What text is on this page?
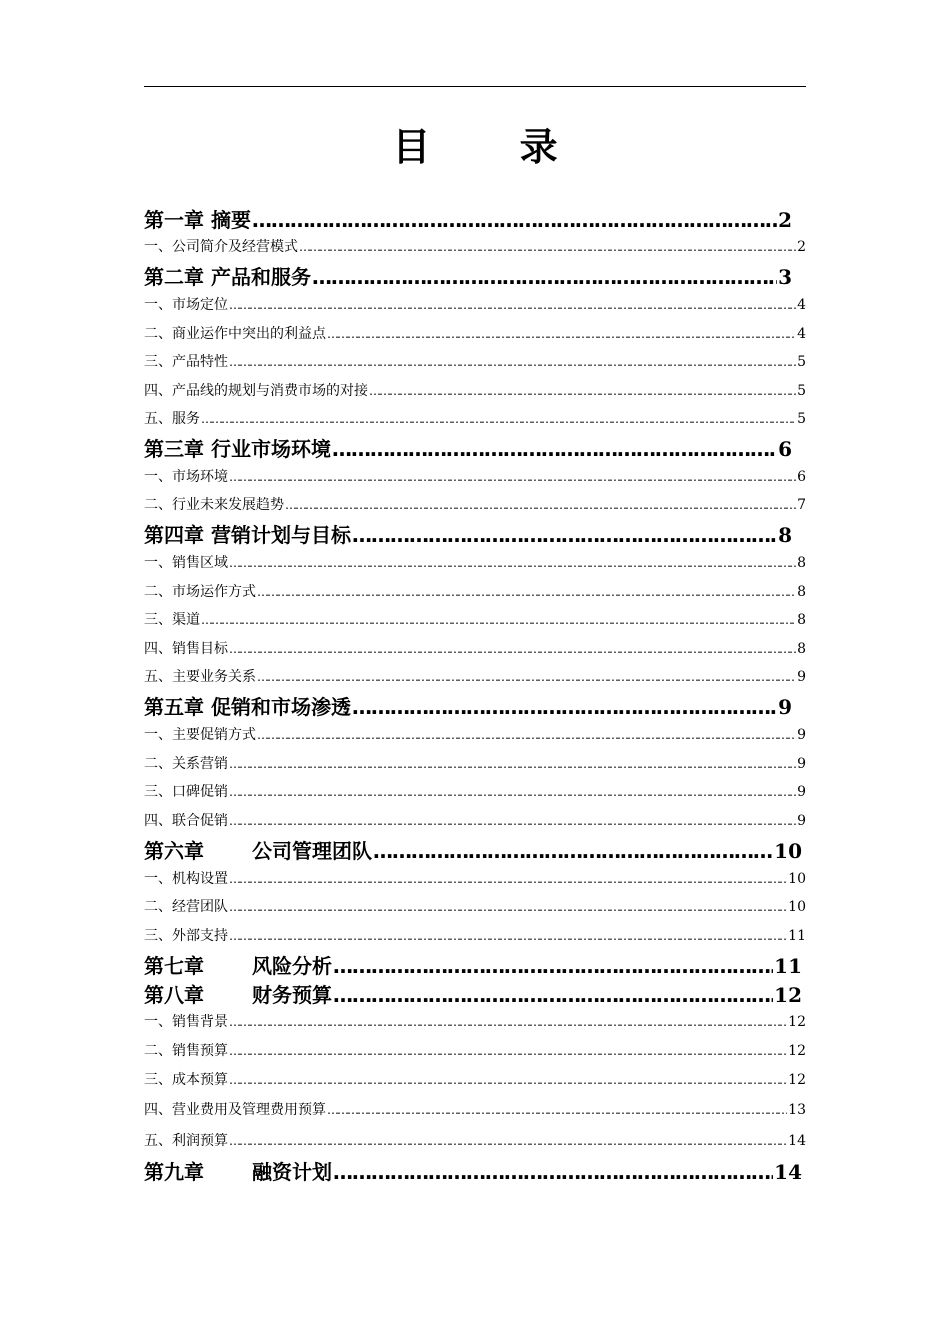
目 录
第一章 摘要 ………………………………………………………………………………………………………………………………………………………………………………………………………………………	2
一、公司简介及经营模式 ………………………………………………………………………………………………………………………………………………………………………………………………………………………	2
第二章 产品和服务 ………………………………………………………………………………………………………………………………………………………………………………………………………………………	3
一、市场定位 ………………………………………………………………………………………………………………………………………………………………………………………………………………………	4
二、商业运作中突出的利益点 ………………………………………………………………………………………………………………………………………………………………………………………………………………………	4
三、产品特性 ………………………………………………………………………………………………………………………………………………………………………………………………………………………	5
四、产品线的规划与消费市场的对接 ………………………………………………………………………………………………………………………………………………………………………………………………………………………	5
五、服务 ………………………………………………………………………………………………………………………………………………………………………………………………………………………	5
第三章 行业市场环境 ………………………………………………………………………………………………………………………………………………………………………………………………………………………	6
一、市场环境 ………………………………………………………………………………………………………………………………………………………………………………………………………………………	6
二、行业未来发展趋势 ………………………………………………………………………………………………………………………………………………………………………………………………………………………	7
第四章 营销计划与目标 ………………………………………………………………………………………………………………………………………………………………………………………………………………………	8
一、销售区域 ………………………………………………………………………………………………………………………………………………………………………………………………………………………	8
二、市场运作方式 ………………………………………………………………………………………………………………………………………………………………………………………………………………………	8
三、渠道 ………………………………………………………………………………………………………………………………………………………………………………………………………………………	8
四、销售目标 ………………………………………………………………………………………………………………………………………………………………………………………………………………………	8
五、主要业务关系 ………………………………………………………………………………………………………………………………………………………………………………………………………………………	9
第五章 促销和市场渗透 ………………………………………………………………………………………………………………………………………………………………………………………………………………………	9
一、主要促销方式 ………………………………………………………………………………………………………………………………………………………………………………………………………………………	9
二、关系营销 ………………………………………………………………………………………………………………………………………………………………………………………………………………………	9
三、口碑促销 ………………………………………………………………………………………………………………………………………………………………………………………………………………………	9
四、联合促销 ………………………………………………………………………………………………………………………………………………………………………………………………………………………	9
第六章 公司管理团队 ………………………………………………………………………………………………………………………………………………………………………………………………………………………	10
一、机构设置 ………………………………………………………………………………………………………………………………………………………………………………………………………………………	10
二、经营团队 ………………………………………………………………………………………………………………………………………………………………………………………………………………………	10
三、外部支持 ………………………………………………………………………………………………………………………………………………………………………………………………………………………	11
第七章 风险分析 ………………………………………………………………………………………………………………………………………………………………………………………………………………………	11
第八章 财务预算 ………………………………………………………………………………………………………………………………………………………………………………………………………………………	12
一、销售背景 ………………………………………………………………………………………………………………………………………………………………………………………………………………………	12
二、销售预算 ………………………………………………………………………………………………………………………………………………………………………………………………………………………	12
三、成本预算 ………………………………………………………………………………………………………………………………………………………………………………………………………………………	12
四、营业费用及管理费用预算 ………………………………………………………………………………………………………………………………………………………………………………………………………………………	13
五、利润预算 ………………………………………………………………………………………………………………………………………………………………………………………………………………………	14
第九章 融资计划 ………………………………………………………………………………………………………………………………………………………………………………………………………………………	14
